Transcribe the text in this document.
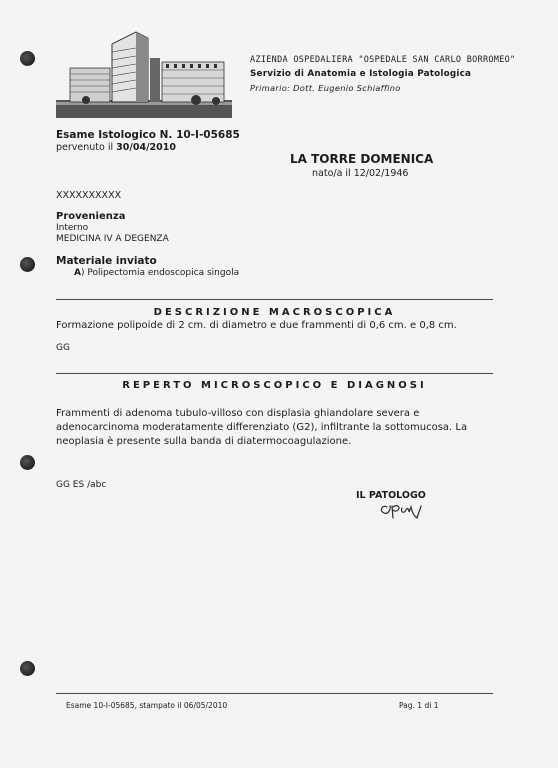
AZIENDA OSPEDALIERA "OSPEDALE SAN CARLO BORROMEO"
Servizio di Anatomia e Istologia Patologica
Primario: Dott. Eugenio Schiaffino
Esame Istologico N. 10-I-05685
pervenuto il 30/04/2010
LA TORRE DOMENICA
nato/a il 12/02/1946
XXXXXXXXXX
Provenienza
Interno
MEDICINA IV A DEGENZA
Materiale inviato
A) Polipectomia endoscopica singola
DESCRIZIONE MACROSCOPICA
Formazione polipoide di 2 cm. di diametro e due frammenti di 0,6 cm. e 0,8 cm.
GG
REPERTO MICROSCOPICO E DIAGNOSI
Frammenti di adenoma tubulo-villoso con displasia ghiandolare severa e
adenocarcinoma moderatamente differenziato (G2), infiltrante la sottomucosa. La
neoplasia è presente sulla banda di diatermocoagulazione.
GG ES /abc
IL PATOLOGO
Esame 10-I-05685, stampato il 06/05/2010	Pag. 1 di 1
